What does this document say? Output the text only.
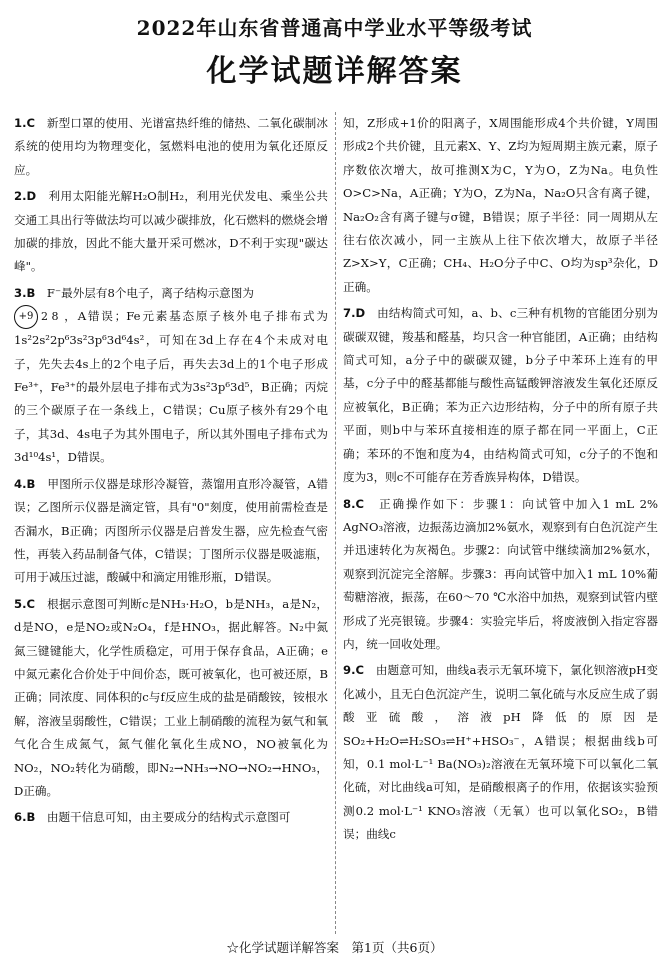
2022年山东省普通高中学业水平等级考试
化学试题详解答案

1.C　 新型口罩的使用、光谱富热纤维的储热、二氧化碳制冰系统的使用均为物理变化，氢燃料电池的使用为氧化还原反应。

2.D　 利用太阳能光解H₂O制H₂，利用光伏发电、乘坐公共交通工具出行等做法均可以减少碳排放，化石燃料的燃烧会增加碳的排放，因此不能大量开采可燃冰，D不利于实现"碳达峰"。

3.B　 F⁻最外层有8个电子，离子结构示意图为

+9 2 8 ，A错误；Fe元素基态原子核外电子排布式为1s²2s²2p⁶3s²3p⁶3d⁶4s²，可知在3d上存在4个未成对电子，先失去4s上的2个电子后，再失去3d上的1个电子形成Fe³⁺，Fe³⁺的最外层电子排布式为3s²3p⁶3d⁵，B正确；丙烷的三个碳原子在一条线上，C错误；Cu原子核外有29个电子，其3d、4s电子为其外围电子，所以其外围电子排布式为3d¹⁰4s¹，D错误。

4.B　 甲图所示仪器是球形冷凝管，蒸馏用直形冷凝管，A错误；乙图所示仪器是滴定管，具有"0"刻度，使用前需检查是否漏水，B正确；丙图所示仪器是启普发生器，应先检查气密性，再装入药品制备气体，C错误；丁图所示仪器是吸滤瓶，可用于减压过滤，酸碱中和滴定用锥形瓶，D错误。

5.C　 根据示意图可判断c是NH₃·H₂O，b是NH₃，a是N₂，d是NO，e是NO₂或N₂O₄，f是HNO₃，据此解答。N₂中氮氮三键键能大，化学性质稳定，可用于保存食品，A正确；e中氮元素化合价处于中间价态，既可被氧化，也可被还原，B正确；同浓度、同体积的c与f反应生成的盐是硝酸铵，铵根水解，溶液呈弱酸性，C错误；工业上制硝酸的流程为氨气和氧气化合生成氮气，氮气催化氧化生成NO，NO被氧化为NO₂，NO₂转化为硝酸，即N₂→NH₃→NO→NO₂→HNO₃，D正确。

6.B　 由题干信息可知，由主要成分的结构式示意图可

知，Z形成+1价的阳离子，X周围能形成4个共价键，Y周围形成2个共价键，且元素X、Y、Z均为短周期主族元素，原子序数依次增大，故可推测X为C，Y为O，Z为Na。电负性O>C>Na，A正确；Y为O，Z为Na，Na₂O只含有离子键，Na₂O₂含有离子键与σ键，B错误；原子半径：同一周期从左往右依次减小，同一主族从上往下依次增大，故原子半径Z>X>Y，C正确；CH₄、H₂O分子中C、O均为sp³杂化，D正确。

7.D　 由结构简式可知，a、b、c三种有机物的官能团分别为碳碳双键，羧基和醛基，均只含一种官能团，A正确；由结构简式可知，a分子中的碳碳双键，b分子中苯环上连有的甲基，c分子中的醛基都能与酸性高锰酸钾溶液发生氧化还原反应被氧化，B正确；苯为正六边形结构，分子中的所有原子共平面，则b中与苯环直接相连的原子都在同一平面上，C正确；苯环的不饱和度为4，由结构简式可知，c分子的不饱和度为3，则c不可能存在芳香族异构体，D错误。

8.C　 正确操作如下：步骤1：向试管中加入1 mL 2% AgNO₃溶液，边振荡边滴加2%氨水，观察到有白色沉淀产生并迅速转化为灰褐色。步骤2：向试管中继续滴加2%氨水，观察到沉淀完全溶解。步骤3：再向试管中加入1 mL 10%葡萄糖溶液，振荡，在60～70 ℃水浴中加热，观察到试管内壁形成了光亮银镜。步骤4：实验完毕后，将废液倒入指定容器内，统一回收处理。

9.C　 由题意可知，曲线a表示无氧环境下，氯化钡溶液pH变化减小，且无白色沉淀产生，说明二氧化硫与水反应生成了弱酸亚硫酸，溶液pH降低的原因是SO₂+H₂O⇌H₂SO₃⇌H⁺+HSO₃⁻，A错误；根据曲线b可知，0.1 mol·L⁻¹ Ba(NO₃)₂溶液在无氧环境下可以氧化二氧化硫，对比曲线a可知，是硝酸根离子的作用，依据该实验预测0.2 mol·L⁻¹ KNO₃溶液（无氧）也可以氧化SO₂，B错误；曲线c

☆化学试题详解答案　第1页（共6页）
